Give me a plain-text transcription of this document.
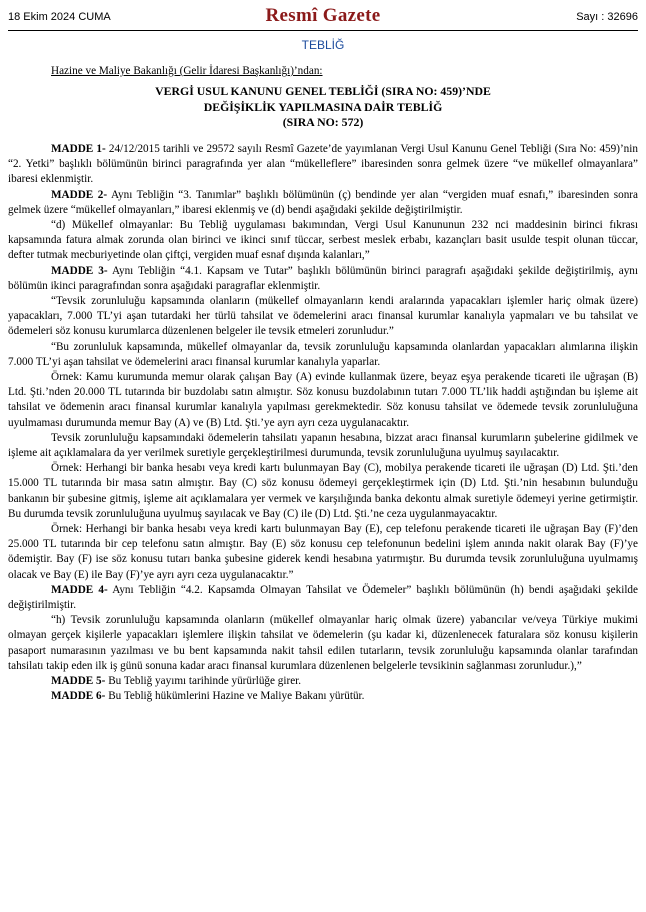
18 Ekim 2024 CUMA	Resmî Gazete	Sayı : 32696
TEBLİĞ
Hazine ve Maliye Bakanlığı (Gelir İdaresi Başkanlığı)’ndan:
VERGİ USUL KANUNU GENEL TEBLİĞİ (SIRA NO: 459)’NDE
DEĞİŞİKLİK YAPILMASINA DAİR TEBLİĞ
(SIRA NO: 572)

MADDE 1- 24/12/2015 tarihli ve 29572 sayılı Resmî Gazete’de yayımlanan Vergi Usul Kanunu Genel Tebliği (Sıra No: 459)’nin “2. Yetki” başlıklı bölümünün birinci paragrafında yer alan “mükelleflere” ibaresinden sonra gelmek üzere “ve mükellef olmayanlara” ibaresi eklenmiştir.

MADDE 2- Aynı Tebliğin “3. Tanımlar” başlıklı bölümünün (ç) bendinde yer alan “vergiden muaf esnafı,” ibaresinden sonra gelmek üzere “mükellef olmayanları,” ibaresi eklenmiş ve (d) bendi aşağıdaki şekilde değiştirilmiştir.

“d) Mükellef olmayanlar: Bu Tebliğ uygulaması bakımından, Vergi Usul Kanununun 232 nci maddesinin birinci fıkrası kapsamında fatura almak zorunda olan birinci ve ikinci sınıf tüccar, serbest meslek erbabı, kazançları basit usulde tespit olunan tüccar, defter tutmak mecburiyetinde olan çiftçi, vergiden muaf esnaf dışında kalanları,”

MADDE 3- Aynı Tebliğin “4.1. Kapsam ve Tutar” başlıklı bölümünün birinci paragrafı aşağıdaki şekilde değiştirilmiş, aynı bölümün ikinci paragrafından sonra aşağıdaki paragraflar eklenmiştir.

“Tevsik zorunluluğu kapsamında olanların (mükellef olmayanların kendi aralarında yapacakları işlemler hariç olmak üzere) yapacakları, 7.000 TL’yi aşan tutardaki her türlü tahsilat ve ödemelerini aracı finansal kurumlar kanalıyla yapmaları ve bu tahsilat ve ödemeleri söz konusu kurumlarca düzenlenen belgeler ile tevsik etmeleri zorunludur.”

“Bu zorunluluk kapsamında, mükellef olmayanlar da, tevsik zorunluluğu kapsamında olanlardan yapacakları alımlarına ilişkin 7.000 TL’yi aşan tahsilat ve ödemelerini aracı finansal kurumlar kanalıyla yaparlar.

Örnek: Kamu kurumunda memur olarak çalışan Bay (A) evinde kullanmak üzere, beyaz eşya perakende ticareti ile uğraşan (B) Ltd. Şti.’nden 20.000 TL tutarında bir buzdolabı satın almıştır. Söz konusu buzdolabının tutarı 7.000 TL’lik haddi aştığından bu işleme ait tahsilat ve ödemenin aracı finansal kurumlar kanalıyla yapılması gerekmektedir. Söz konusu tahsilat ve ödemede tevsik zorunluluğuna uyulmaması durumunda memur Bay (A) ve (B) Ltd. Şti.’ye ayrı ayrı ceza uygulanacaktır.

Tevsik zorunluluğu kapsamındaki ödemelerin tahsilatı yapanın hesabına, bizzat aracı finansal kurumların şubelerine gidilmek ve işleme ait açıklamalara da yer verilmek suretiyle gerçekleştirilmesi durumunda, tevsik zorunluluğuna uyulmuş sayılacaktır.

Örnek: Herhangi bir banka hesabı veya kredi kartı bulunmayan Bay (C), mobilya perakende ticareti ile uğraşan (D) Ltd. Şti.’den 15.000 TL tutarında bir masa satın almıştır. Bay (C) söz konusu ödemeyi gerçekleştirmek için (D) Ltd. Şti.’nin hesabının bulunduğu bankanın bir şubesine gitmiş, işleme ait açıklamalara yer vermek ve karşılığında banka dekontu almak suretiyle ödemeyi yerine getirmiştir. Bu durumda tevsik zorunluluğuna uyulmuş sayılacak ve Bay (C) ile (D) Ltd. Şti.’ne ceza uygulanmayacaktır.

Örnek: Herhangi bir banka hesabı veya kredi kartı bulunmayan Bay (E), cep telefonu perakende ticareti ile uğraşan Bay (F)’den 25.000 TL tutarında bir cep telefonu satın almıştır. Bay (E) söz konusu cep telefonunun bedelini işlem anında nakit olarak Bay (F)’ye ödemiştir. Bay (F) ise söz konusu tutarı banka şubesine giderek kendi hesabına yatırmıştır. Bu durumda tevsik zorunluluğuna uyulmamış olacak ve Bay (E) ile Bay (F)’ye ayrı ayrı ceza uygulanacaktır.”

MADDE 4- Aynı Tebliğin “4.2. Kapsamda Olmayan Tahsilat ve Ödemeler” başlıklı bölümünün (h) bendi aşağıdaki şekilde değiştirilmiştir.

“h) Tevsik zorunluluğu kapsamında olanların (mükellef olmayanlar hariç olmak üzere) yabancılar ve/veya Türkiye mukimi olmayan gerçek kişilerle yapacakları işlemlere ilişkin tahsilat ve ödemelerin (şu kadar ki, düzenlenecek faturalara söz konusu kişilerin pasaport numarasının yazılması ve bu bent kapsamında nakit tahsil edilen tutarların, tevsik zorunluluğu kapsamında olanlar tarafından tahsilatı takip eden ilk iş günü sonuna kadar aracı finansal kurumlara düzenlenen belgelerle tevsikinin sağlanması zorunludur.),”

MADDE 5- Bu Tebliğ yayımı tarihinde yürürlüğe girer.

MADDE 6- Bu Tebliğ hükümlerini Hazine ve Maliye Bakanı yürütür.
